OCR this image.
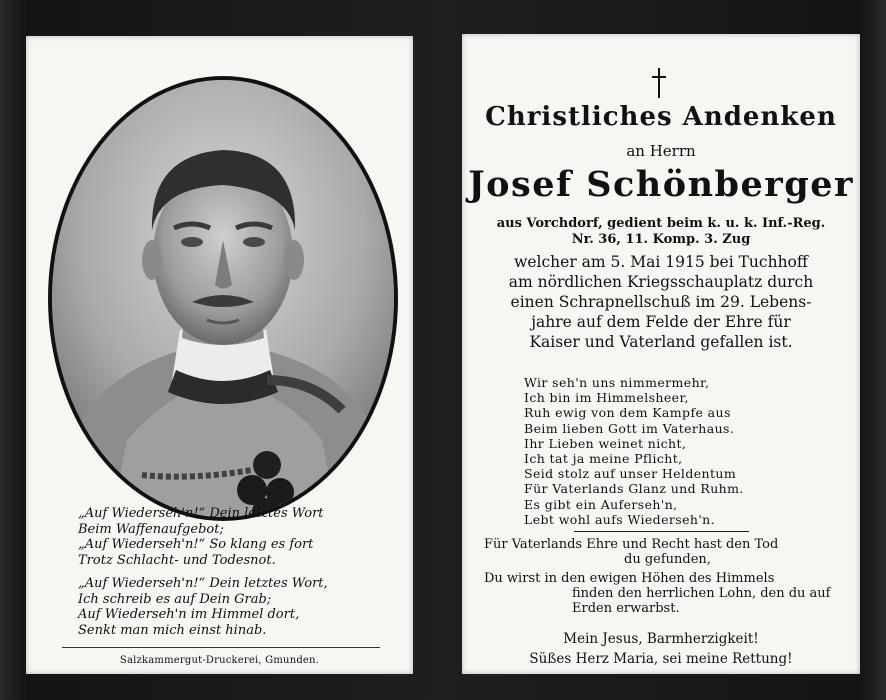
„Auf Wiederseh'n!“ Dein letztes Wort

Beim Waffenaufgebot;

„Auf Wiederseh'n!“ So klang es fort

Trotz Schlacht- und Todesnot.

„Auf Wiederseh'n!“ Dein letztes Wort,

Ich schreib es auf Dein Grab;

Auf Wiederseh'n im Himmel dort,

Senkt man mich einst hinab.

Salzkammergut-Druckerei, Gmunden.
Christliches Andenken
an Herrn
Josef Schönberger

aus Vorchdorf, gedient beim k. u. k. Inf.-Reg.

Nr. 36, 11. Komp. 3. Zug

welcher am 5. Mai 1915 bei Tuchhoff

am nördlichen Kriegsschauplatz durch

einen Schrapnellschuß im 29. Lebens-

jahre auf dem Felde der Ehre für

Kaiser und Vaterland gefallen ist.

Wir seh'n uns nimmermehr,

Ich bin im Himmelsheer,

Ruh ewig von dem Kampfe aus

Beim lieben Gott im Vaterhaus.

Ihr Lieben weinet nicht,

Ich tat ja meine Pflicht,

Seid stolz auf unser Heldentum

Für Vaterlands Glanz und Ruhm.

Es gibt ein Auferseh'n,

Lebt wohl aufs Wiederseh'n.

Für Vaterlands Ehre und Recht hast den Tod

du gefunden,

Du wirst in den ewigen Höhen des Himmels

finden den herrlichen Lohn, den du auf

Erden erwarbst.

Mein Jesus, Barmherzigkeit!

Süßes Herz Maria, sei meine Rettung!
